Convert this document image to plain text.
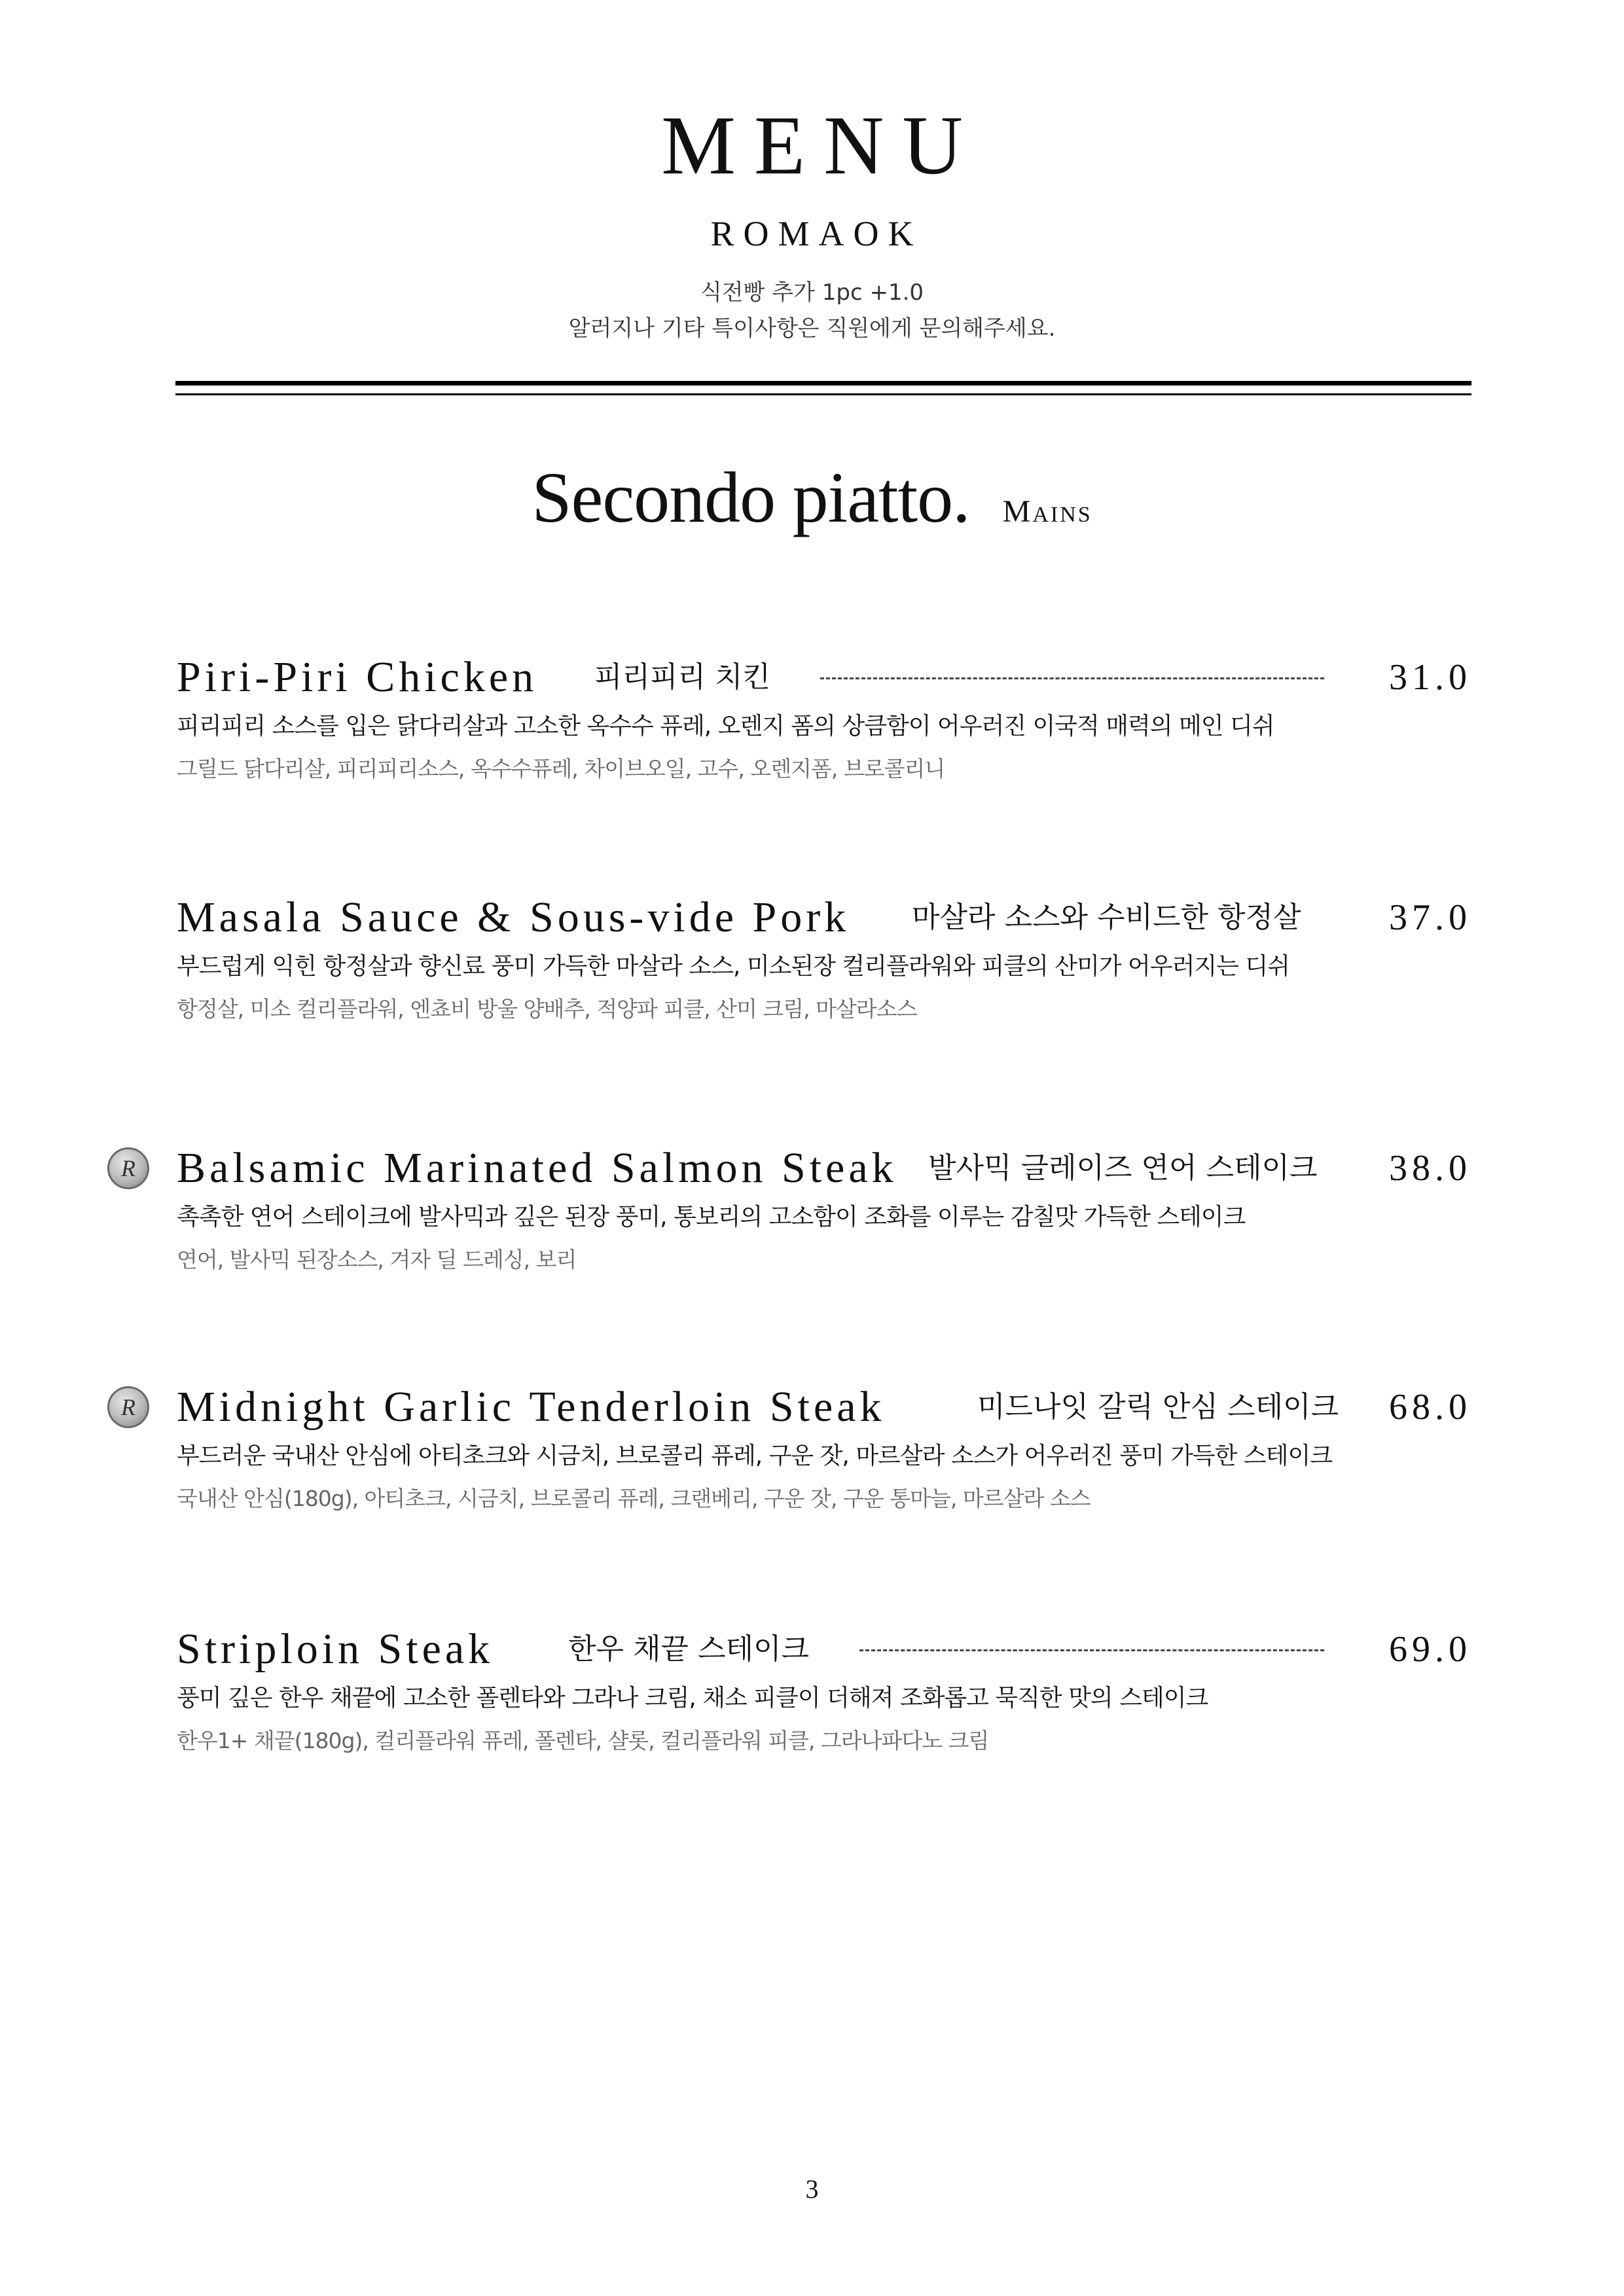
MENU
ROMAOK
식전빵 추가 1pc +1.0
알러지나 기타 특이사항은 직원에게 문의해주세요.
Secondo piatto. Mains
Piri-Piri Chicken 피리피리 치킨	31.0
피리피리 소스를 입은 닭다리살과 고소한 옥수수 퓨레, 오렌지 폼의 상큼함이 어우러진 이국적 매력의 메인 디쉬
그릴드 닭다리살, 피리피리소스, 옥수수퓨레, 차이브오일, 고수, 오렌지폼, 브로콜리니
Masala Sauce & Sous-vide Pork 마살라 소스와 수비드한 항정살 37.0
부드럽게 익힌 항정살과 향신료 풍미 가득한 마살라 소스, 미소된장 컬리플라워와 피클의 산미가 어우러지는 디쉬
항정살, 미소 컬리플라워, 엔쵸비 방울 양배추, 적양파 피클, 산미 크림, 마살라소스
R Balsamic Marinated Salmon Steak 발사믹 글레이즈 연어 스테이크 38.0
촉촉한 연어 스테이크에 발사믹과 깊은 된장 풍미, 통보리의 고소함이 조화를 이루는 감칠맛 가득한 스테이크
연어, 발사믹 된장소스, 겨자 딜 드레싱, 보리
R Midnight Garlic Tenderloin Steak	미드나잇 갈릭 안심 스테이크 68.0
부드러운 국내산 안심에 아티초크와 시금치, 브로콜리 퓨레, 구운 잣, 마르살라 소스가 어우러진 풍미 가득한 스테이크
국내산 안심(180g), 아티초크, 시금치, 브로콜리 퓨레, 크랜베리, 구운 잣, 구운 통마늘, 마르살라 소스
Striploin Steak	한우 채끝 스테이크	69.0
풍미 깊은 한우 채끝에 고소한 폴렌타와 그라나 크림, 채소 피클이 더해져 조화롭고 묵직한 맛의 스테이크
한우1+ 채끝(180g), 컬리플라워 퓨레, 폴렌타, 샬롯, 컬리플라워 피클, 그라나파다노 크림
3
